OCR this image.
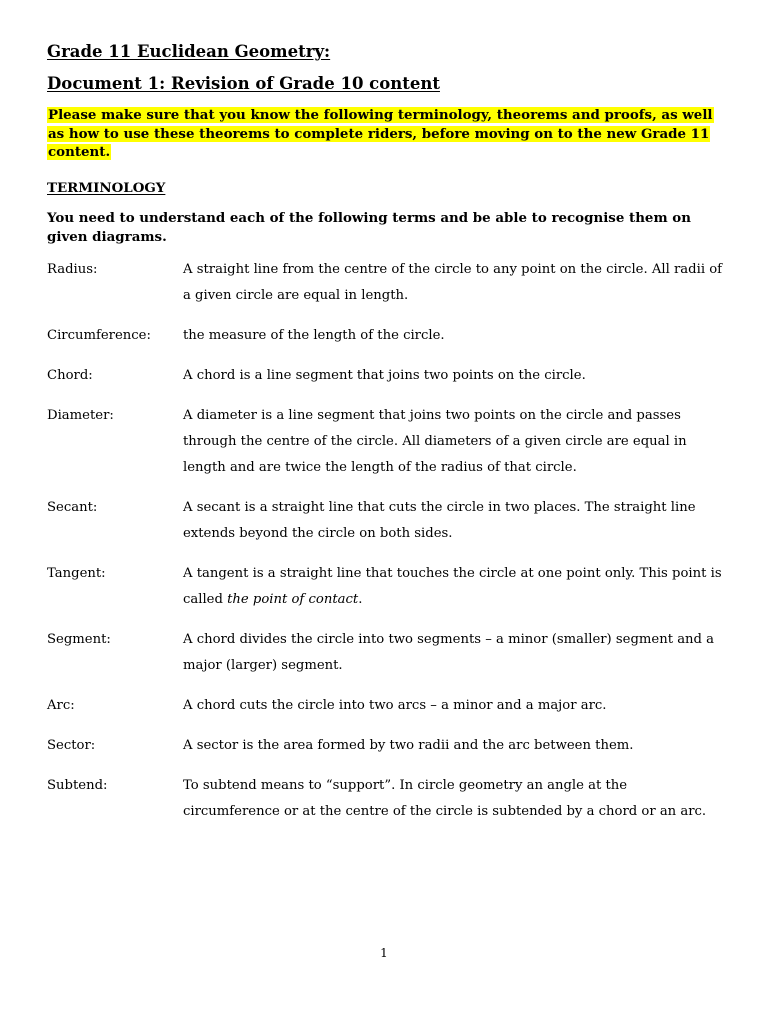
Grade 11 Euclidean Geometry:
Document 1: Revision of Grade 10 content
Please make sure that you know the following terminology, theorems and proofs, as well as how to use these theorems to complete riders, before moving on to the new Grade 11 content.
TERMINOLOGY
You need to understand each of the following terms and be able to recognise them on given diagrams.
Radius:	A straight line from the centre of the circle to any point on the circle. All radii of a given circle are equal in length.
Circumference:	the measure of the length of the circle.
Chord:	A chord is a line segment that joins two points on the circle.
Diameter:	A diameter is a line segment that joins two points on the circle and passes through the centre of the circle. All diameters of a given circle are equal in length and are twice the length of the radius of that circle.
Secant:	A secant is a straight line that cuts the circle in two places. The straight line extends beyond the circle on both sides.
Tangent:	A tangent is a straight line that touches the circle at one point only. This point is called the point of contact.
Segment:	A chord divides the circle into two segments – a minor (smaller) segment and a major (larger) segment.
Arc:	A chord cuts the circle into two arcs – a minor and a major arc.
Sector:	A sector is the area formed by two radii and the arc between them.
Subtend:	To subtend means to “support”. In circle geometry an angle at the circumference or at the centre of the circle is subtended by a chord or an arc.
1
